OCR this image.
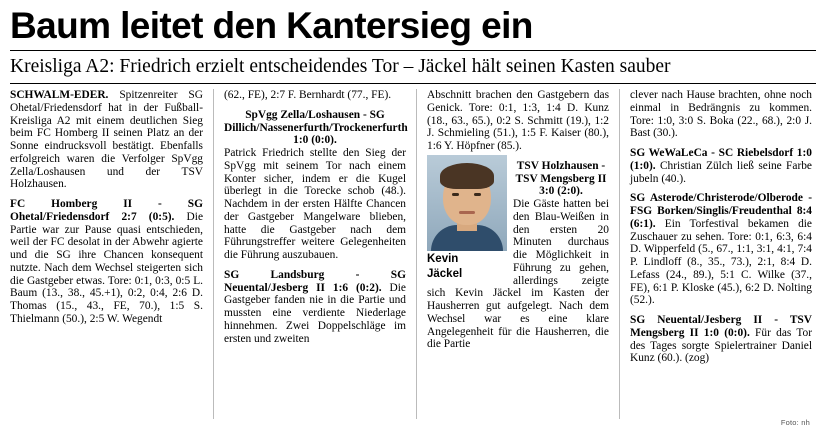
Baum leitet den Kantersieg ein
Kreisliga A2: Friedrich erzielt entscheidendes Tor – Jäckel hält seinen Kasten sauber

SCHWALM-EDER. Spitzenreiter SG Ohetal/Friedensdorf hat in der Fußball-Kreisliga A2 mit einem deutlichen Sieg beim FC Homberg II seinen Platz an der Sonne eindrucksvoll bestätigt. Ebenfalls erfolgreich waren die Verfolger SpVgg Zella/Loshausen und der TSV Holzhausen.

FC Homberg II - SG Ohetal/Friedensdorf 2:7 (0:5). Die Partie war zur Pause quasi entschieden, weil der FC desolat in der Abwehr agierte und die SG ihre Chancen konsequent nutzte. Nach dem Wechsel steigerten sich die Gastgeber etwas. Tore: 0:1, 0:3, 0:5 L. Baum (13., 38., 45.+1), 0:2, 0:4, 2:6 D. Thomas (15., 43., FE, 70.), 1:5 S. Thielmann (50.), 2:5 W. Wegendt

(62., FE), 2:7 F. Bernhardt (77., FE).

SpVgg Zella/Loshausen - SG Dillich/Nassenerfurth/Trockenerfurth 1:0 (0:0).
Patrick Friedrich stellte den Sieg der SpVgg mit seinem Tor nach einem Konter sicher, indem er die Kugel überlegt in die Torecke schob (48.). Nachdem in der ersten Hälfte Chancen der Gastgeber Mangelware blieben, hatte die Gastgeber nach dem Führungstreffer weitere Gelegenheiten die Führung auszubauen.

SG Landsburg - SG Neuental/Jesberg II 1:6 (0:2). Die Gastgeber fanden nie in die Partie und mussten eine verdiente Niederlage hinnehmen. Zwei Doppelschläge im ersten und zweiten

Abschnitt brachen den Gastgebern das Genick. Tore: 0:1, 1:3, 1:4 D. Kunz (18., 63., 65.), 0:2 S. Schmitt (19.), 1:2 J. Schmieling (51.), 1:5 F. Kaiser (80.), 1:6 Y. Höpfner (85.).

Kevin
Jäckel

TSV Holzhausen - TSV Mengsberg II 3:0 (2:0).
Die Gäste hatten bei den Blau-Weißen in den ersten 20 Minuten durchaus die Möglichkeit in Führung zu gehen, allerdings zeigte sich Kevin Jäckel im Kasten der Hausherren gut aufgelegt. Nach dem Wechsel war es eine klare Angelegenheit für die Hausherren, die die Partie

clever nach Hause brachten, ohne noch einmal in Bedrängnis zu kommen. Tore: 1:0, 3:0 S. Boka (22., 68.), 2:0 J. Bast (30.).

SG WeWaLeCa - SC Riebelsdorf 1:0 (1:0). Christian Zülch ließ seine Farbe jubeln (40.).

SG Asterode/Christerode/Olberode - FSG Borken/Singlis/Freudenthal 8:4 (6:1). Ein Torfestival bekamen die Zuschauer zu sehen. Tore: 0:1, 6:3, 6:4 D. Wipperfeld (5., 67., 1:1, 3:1, 4:1, 7:4 P. Lindloff (8., 35., 73.), 2:1, 8:4 D. Lefass (24., 89.), 5:1 C. Wilke (37., FE), 6:1 P. Kloske (45.), 6:2 D. Nolting (52.).

SG Neuental/Jesberg II - TSV Mengsberg II 1:0 (0:0). Für das Tor des Tages sorgte Spielertrainer Daniel Kunz (60.). (zog)

Foto: nh
